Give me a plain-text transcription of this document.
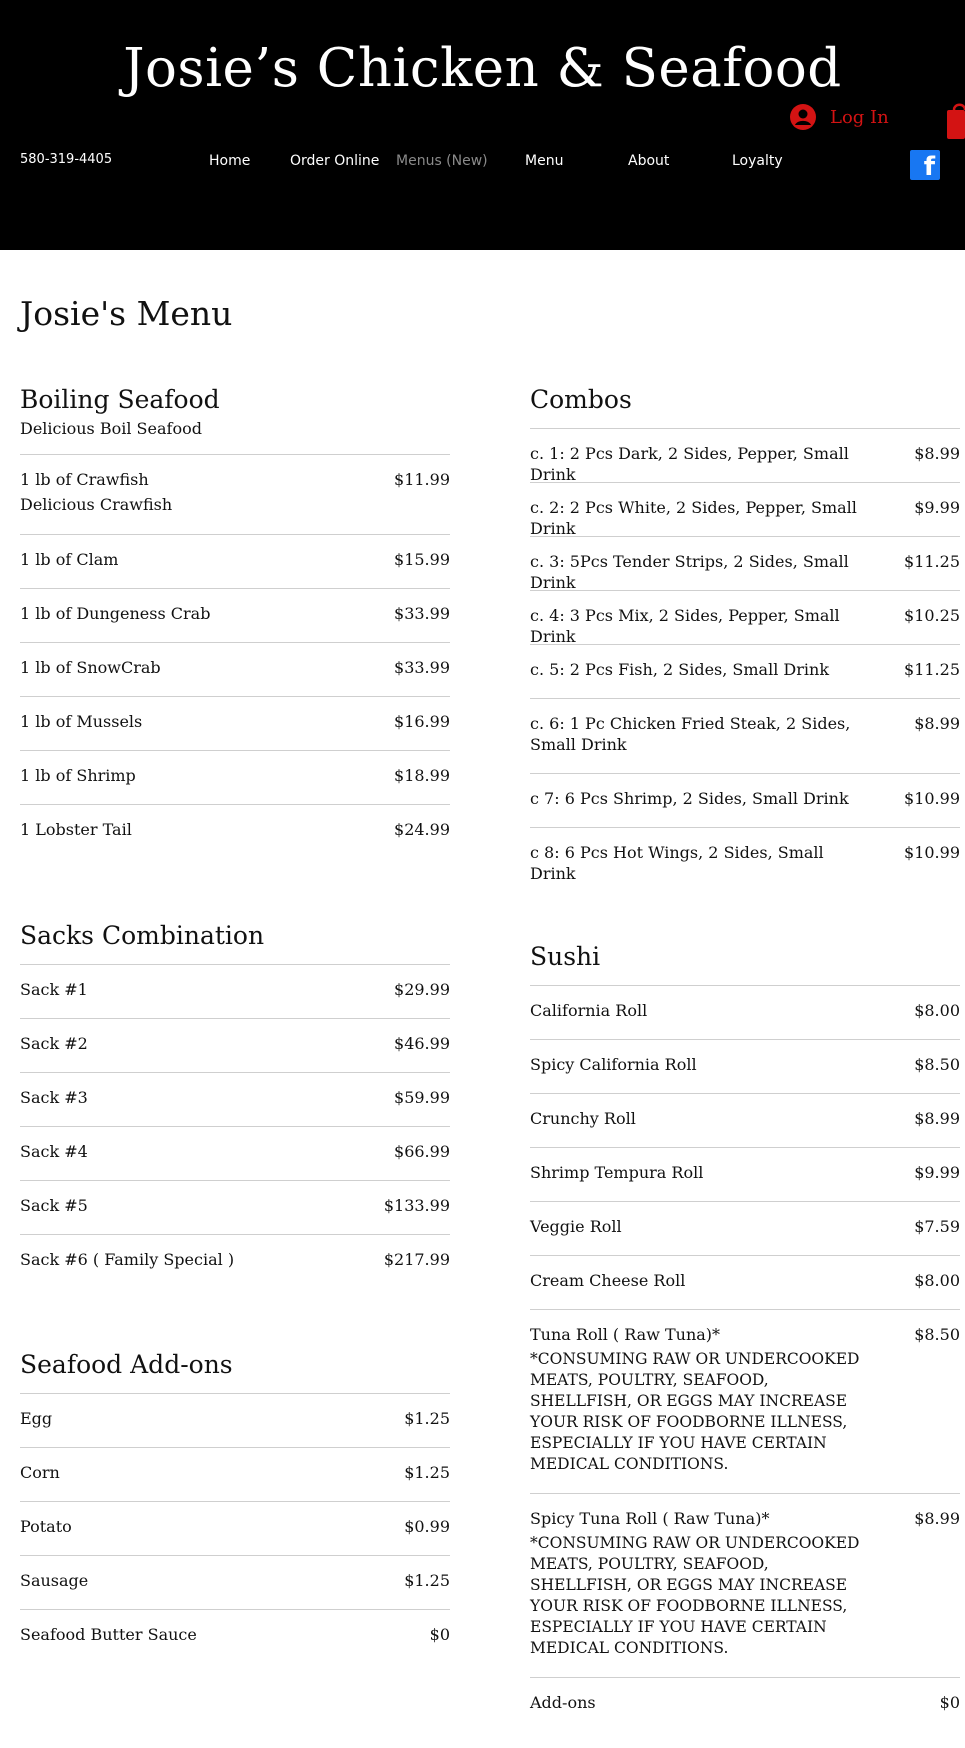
Josie’s Chicken & Seafood
580-319-4405	Home	Order Online Menus (New)	Menu	About	Loyalty
Log In
f
Josie's Menu
Boiling Seafood
Delicious Boil Seafood
1 lb of Crawfish
Delicious Crawfish
$11.99
1 lb of Clam	$15.99
1 lb of Dungeness Crab	$33.99
1 lb of SnowCrab	$33.99
1 lb of Mussels	$16.99
1 lb of Shrimp	$18.99
1 Lobster Tail	$24.99
Sacks Combination
Sack #1	$29.99
Sack #2	$46.99
Sack #3	$59.99
Sack #4	$66.99
Sack #5	$133.99
Sack #6 ( Family Special )	$217.99
Seafood Add-ons
Egg	$1.25
Corn	$1.25
Potato	$0.99
Sausage	$1.25
Seafood Butter Sauce	$0
Combos
c. 1: 2 Pcs Dark, 2 Sides, Pepper, Small Drink
$8.99
c. 2: 2 Pcs White, 2 Sides, Pepper, Small Drink
$9.99
c. 3: 5Pcs Tender Strips, 2 Sides, Small Drink
$11.25
c. 4: 3 Pcs Mix, 2 Sides, Pepper, Small Drink
$10.25
c. 5: 2 Pcs Fish, 2 Sides, Small Drink	$11.25
c. 6: 1 Pc Chicken Fried Steak, 2 Sides, Small Drink
$8.99
c 7: 6 Pcs Shrimp, 2 Sides, Small Drink	$10.99
c 8: 6 Pcs Hot Wings, 2 Sides, Small Drink
$10.99
Sushi
California Roll	$8.00
Spicy California Roll	$8.50
Crunchy Roll	$8.99
Shrimp Tempura Roll	$9.99
Veggie Roll	$7.59
Cream Cheese Roll	$8.00
Tuna Roll ( Raw Tuna)*
*CONSUMING RAW OR UNDERCOOKED MEATS, POULTRY, SEAFOOD, SHELLFISH, OR EGGS MAY INCREASE
YOUR RISK OF FOODBORNE ILLNESS, ESPECIALLY IF YOU HAVE CERTAIN MEDICAL CONDITIONS.
$8.50
Spicy Tuna Roll ( Raw Tuna)*
*CONSUMING RAW OR UNDERCOOKED MEATS, POULTRY, SEAFOOD, SHELLFISH, OR EGGS MAY INCREASE
YOUR RISK OF FOODBORNE ILLNESS, ESPECIALLY IF YOU HAVE CERTAIN MEDICAL CONDITIONS.
$8.99
Add-ons	$0
